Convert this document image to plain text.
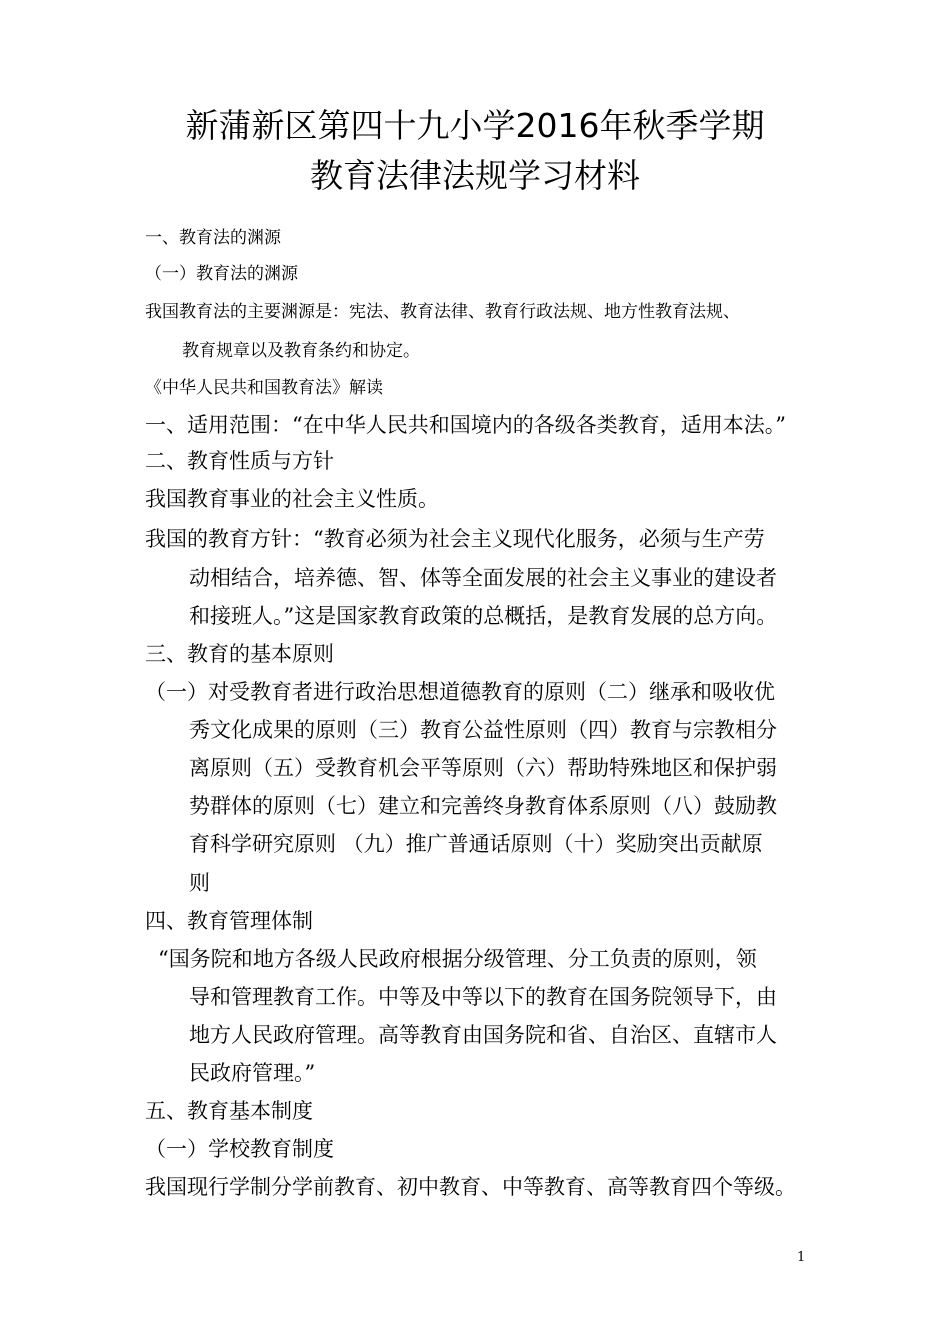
新蒲新区第四十九小学2016年秋季学期
教育法律法规学习材料
一、教育法的渊源
（一）教育法的渊源
我国教育法的主要渊源是：宪法、教育法律、教育行政法规、地方性教育法规、
教育规章以及教育条约和协定。
《中华人民共和国教育法》解读
一、适用范围：“在中华人民共和国境内的各级各类教育，适用本法。”
二、教育性质与方针
我国教育事业的社会主义性质。
我国的教育方针：“教育必须为社会主义现代化服务，必须与生产劳
动相结合，培养德、智、体等全面发展的社会主义事业的建设者
和接班人。”这是国家教育政策的总概括，是教育发展的总方向。
三、教育的基本原则
（一）对受教育者进行政治思想道德教育的原则（二）继承和吸收优
秀文化成果的原则（三）教育公益性原则（四）教育与宗教相分
离原则（五）受教育机会平等原则（六）帮助特殊地区和保护弱
势群体的原则（七）建立和完善终身教育体系原则（八）鼓励教
育科学研究原则 （九）推广普通话原则（十）奖励突出贡献原
则
四、教育管理体制
“国务院和地方各级人民政府根据分级管理、分工负责的原则，领
导和管理教育工作。中等及中等以下的教育在国务院领导下，由
地方人民政府管理。高等教育由国务院和省、自治区、直辖市人
民政府管理。”
五、教育基本制度
（一）学校教育制度
我国现行学制分学前教育、初中教育、中等教育、高等教育四个等级。
1
